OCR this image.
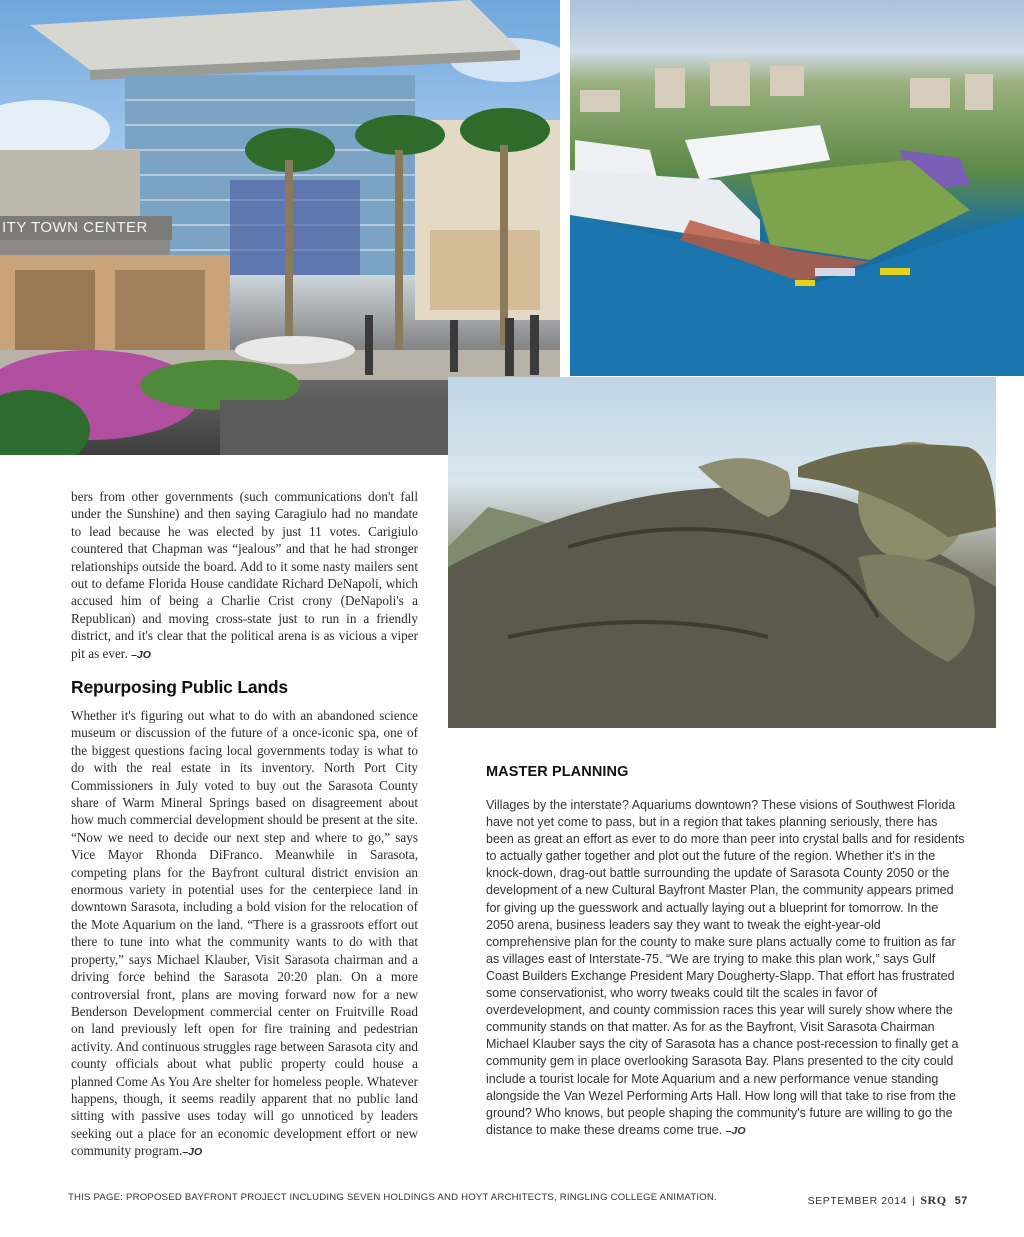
ITY TOWN CENTER
bers from other governments (such communications don't fall under the Sunshine) and then saying Caragiulo had no mandate to lead because he was elected by just 11 votes. Carigiulo countered that Chapman was “jealous” and that he had stronger relationships outside the board. Add to it some nasty mailers sent out to defame Florida House candidate Richard DeNapoli, which accused him of being a Charlie Crist crony (DeNapoli's a Republican) and moving cross-state just to run in a friendly district, and it's clear that the political arena is as vicious a viper pit as ever. –JO
Repurposing Public Lands
Whether it's figuring out what to do with an abandoned science museum or discussion of the future of a once-iconic spa, one of the biggest questions facing local governments today is what to do with the real estate in its inventory. North Port City Commissioners in July voted to buy out the Sarasota County share of Warm Mineral Springs based on disagreement about how much commercial development should be present at the site. “Now we need to decide our next step and where to go,” says Vice Mayor Rhonda DiFranco. Meanwhile in Sarasota, competing plans for the Bayfront cultural district envision an enormous variety in potential uses for the centerpiece land in downtown Sarasota, including a bold vision for the relocation of the Mote Aquarium on the land. “There is a grassroots effort out there to tune into what the community wants to do with that property,” says Michael Klauber, Visit Sarasota chairman and a driving force behind the Sarasota 20:20 plan. On a more controversial front, plans are moving forward now for a new Benderson Development commercial center on Fruitville Road on land previously left open for fire training and pedestrian activity. And continuous struggles rage between Sarasota city and county officials about what public property could house a planned Come As You Are shelter for homeless people. Whatever happens, though, it seems readily apparent that no public land sitting with passive uses today will go unnoticed by leaders seeking out a place for an economic development effort or new community program.–JO
MASTER PLANNING
Villages by the interstate? Aquariums downtown? These visions of Southwest Florida have not yet come to pass, but in a region that takes planning seriously, there has been as great an effort as ever to do more than peer into crystal balls and for residents to actually gather together and plot out the future of the region. Whether it's in the knock-down, drag-out battle surrounding the update of Sarasota County 2050 or the development of a new Cultural Bayfront Master Plan, the community appears primed for giving up the guesswork and actually laying out a blueprint for tomorrow. In the 2050 arena, business leaders say they want to tweak the eight-year-old comprehensive plan for the county to make sure plans actually come to fruition as far as villages east of Interstate-75. “We are trying to make this plan work,” says Gulf Coast Builders Exchange President Mary Dougherty-Slapp. That effort has frustrated some conservationist, who worry tweaks could tilt the scales in favor of overdevelopment, and county commission races this year will surely show where the community stands on that matter. As for as the Bayfront, Visit Sarasota Chairman Michael Klauber says the city of Sarasota has a chance post-recession to finally get a community gem in place overlooking Sarasota Bay. Plans presented to the city could include a tourist locale for Mote Aquarium and a new performance venue standing alongside the Van Wezel Performing Arts Hall. How long will that take to rise from the ground? Who knows, but people shaping the community's future are willing to go the distance to make these dreams come true. –JO
THIS PAGE: PROPOSED BAYFRONT PROJECT INCLUDING SEVEN HOLDINGS AND HOYT ARCHITECTS, RINGLING COLLEGE ANIMATION.	SEPTEMBER 2014 | SRQ 57
